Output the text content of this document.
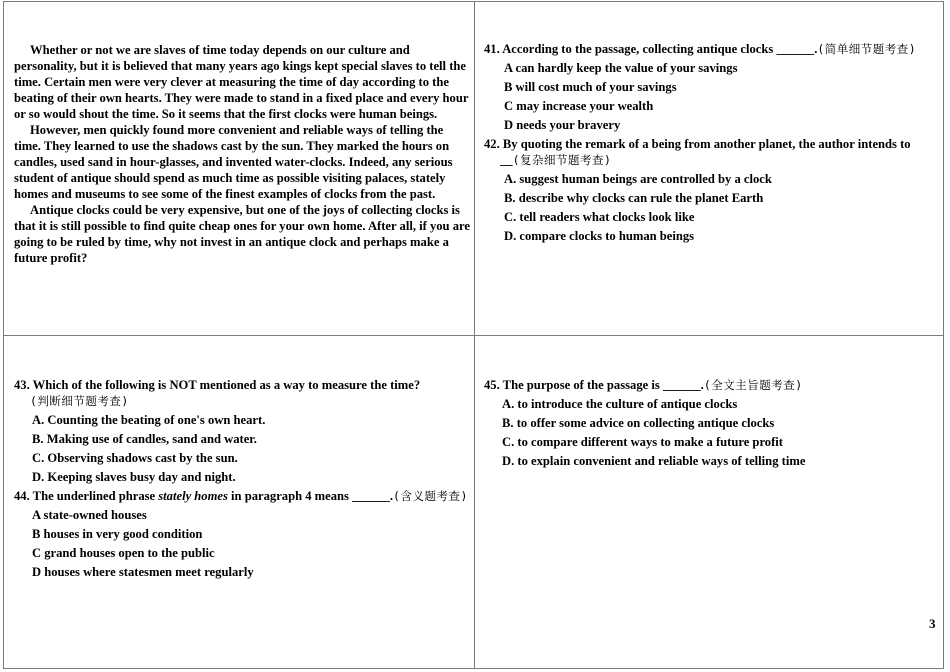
Whether or not we are slaves of time today depends on our culture and personality, but it is believed that many years ago kings kept special slaves to tell the time. Certain men were very clever at measuring the time of day according to the beating of their own hearts. They were made to stand in a fixed place and every hour or so would shout the time. So it seems that the first clocks were human beings.

However, men quickly found more convenient and reliable ways of telling the time. They learned to use the shadows cast by the sun. They marked the hours on candles, used sand in hour-glasses, and invented water-clocks. Indeed, any serious student of antique should spend as much time as possible visiting palaces, stately homes and museums to see some of the finest examples of clocks from the past.

Antique clocks could be very expensive, but one of the joys of collecting clocks is that it is still possible to find quite cheap ones for your own home. After all, if you are going to be ruled by time, why not invest in an antique clock and perhaps make a future profit?

41. According to the passage, collecting antique clocks ______.(简单细节题考查)
A can hardly keep the value of your savings
B will cost much of your savings
C may increase your wealth
D needs your bravery
42. By quoting the remark of a being from another planet, the author intends to __(复杂细节题考查)
A. suggest human beings are controlled by a clock
B. describe why clocks can rule the planet Earth
C. tell readers what clocks look like
D. compare clocks to human beings
43. Which of the following is NOT mentioned as a way to measure the time?
(判断细节题考查)
A. Counting the beating of one's own heart.
B. Making use of candles, sand and water.
C. Observing shadows cast by the sun.
D. Keeping slaves busy day and night.
44. The underlined phrase stately homes in paragraph 4 means ______.(含义题考查)
A state-owned houses
B houses in very good condition
C grand houses open to the public
D houses where statesmen meet regularly
45. The purpose of the passage is ______.(全文主旨题考查)
A. to introduce the culture of antique clocks
B. to offer some advice on collecting antique clocks
C. to compare different ways to make a future profit
D. to explain convenient and reliable ways of telling time
3
